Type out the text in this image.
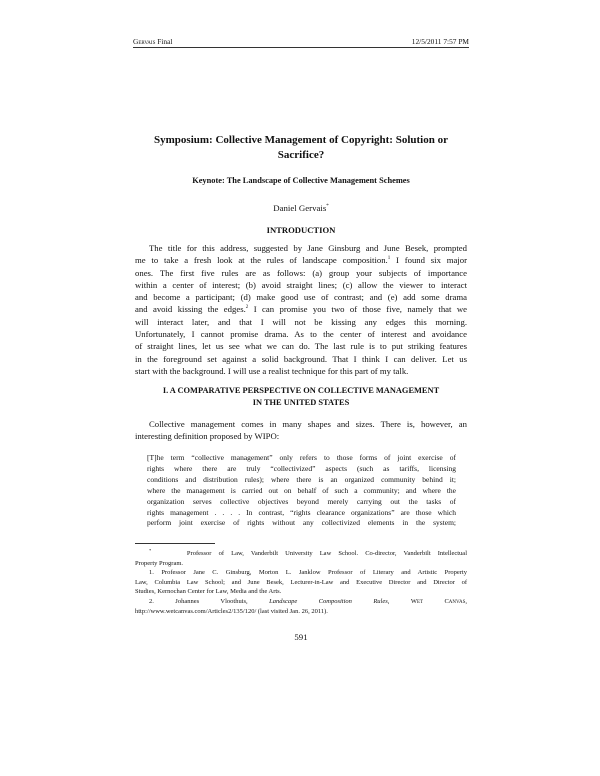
Gervais Final	12/5/2011 7:57 PM
Symposium: Collective Management of Copyright: Solution or
Sacrifice?
Keynote: The Landscape of Collective Management Schemes
Daniel Gervais*
INTRODUCTION
The title for this address, suggested by Jane Ginsburg and June Besek, prompted
me to take a fresh look at the rules of landscape composition.$^1$ I found six major
ones. The first five rules are as follows: (a) group your subjects of importance
within a center of interest; (b) avoid straight lines; (c) allow the viewer to interact
and become a participant; (d) make good use of contrast; and (e) add some drama
and avoid kissing the edges.$^2$ I can promise you two of those five, namely that we
will interact later, and that I will not be kissing any edges this morning.
Unfortunately, I cannot promise drama. As to the center of interest and avoidance
of straight lines, let us see what we can do. The last rule is to put striking features
in the foreground set against a solid background. That I think I can deliver. Let us
start with the background. I will use a realist technique for this part of my talk.
I. A COMPARATIVE PERSPECTIVE ON COLLECTIVE MANAGEMENT
IN THE UNITED STATES
Collective management comes in many shapes and sizes. There is, however, an
interesting definition proposed by WIPO:
[T]he term “collective management” only refers to those forms of joint exercise of
rights where there are truly “collectivized” aspects (such as tariffs, licensing
conditions and distribution rules); where there is an organized community behind it;
where the management is carried out on behalf of such a community; and where the
organization serves collective objectives beyond merely carrying out the tasks of
rights management . . . . In contrast, “rights clearance organizations” are those which
perform joint exercise of rights without any collectivized elements in the system;
*	Professor of Law, Vanderbilt University Law School. Co-director, Vanderbilt Intellectual
Property Program.
1. Professor Jane C. Ginsburg, Morton L. Janklow Professor of Literary and Artistic Property
Law, Columbia Law School; and June Besek, Lecturer-in-Law and Executive Director and Director of
Studies, Kernochan Center for Law, Media and the Arts.
2. Johannes Vloothuis,	Landscape Composition Rules,	Wet Canvas,
http://www.wetcanvas.com/Articles2/135/120/ (last visited Jan. 26, 2011).
591
